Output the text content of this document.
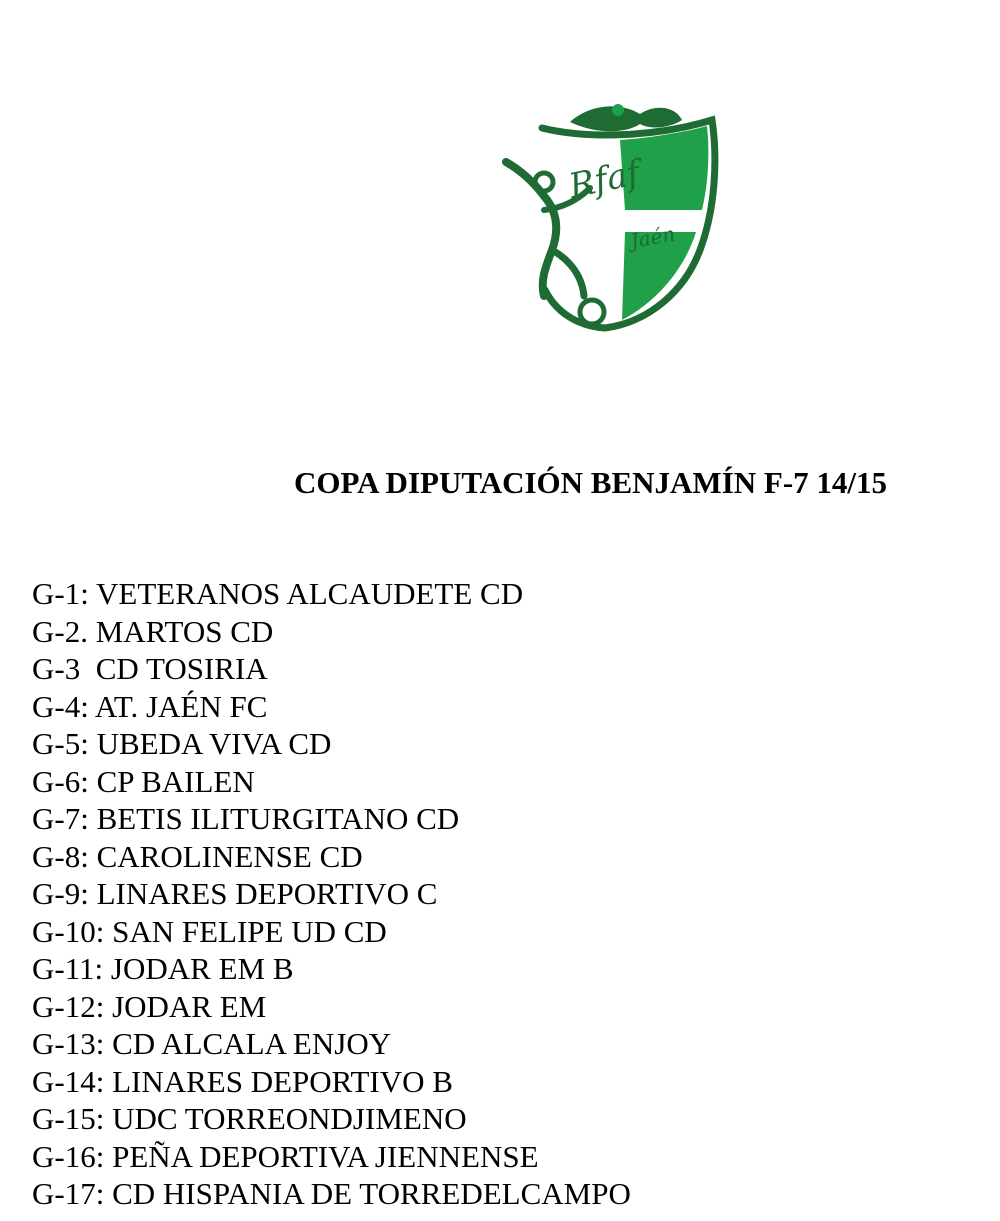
Rfaf
Jaén
COPA DIPUTACIÓN BENJAMÍN F-7 14/15
G-1: VETERANOS ALCAUDETE CD
G-2. MARTOS CD
G-3  CD TOSIRIA
G-4: AT. JAÉN FC
G-5: UBEDA VIVA CD
G-6: CP BAILEN
G-7: BETIS ILITURGITANO CD
G-8: CAROLINENSE CD
G-9: LINARES DEPORTIVO C
G-10: SAN FELIPE UD CD
G-11: JODAR EM B
G-12: JODAR EM
G-13: CD ALCALA ENJOY
G-14: LINARES DEPORTIVO B
G-15: UDC TORREONDJIMENO
G-16: PEÑA DEPORTIVA JIENNENSE
G-17: CD HISPANIA DE TORREDELCAMPO
